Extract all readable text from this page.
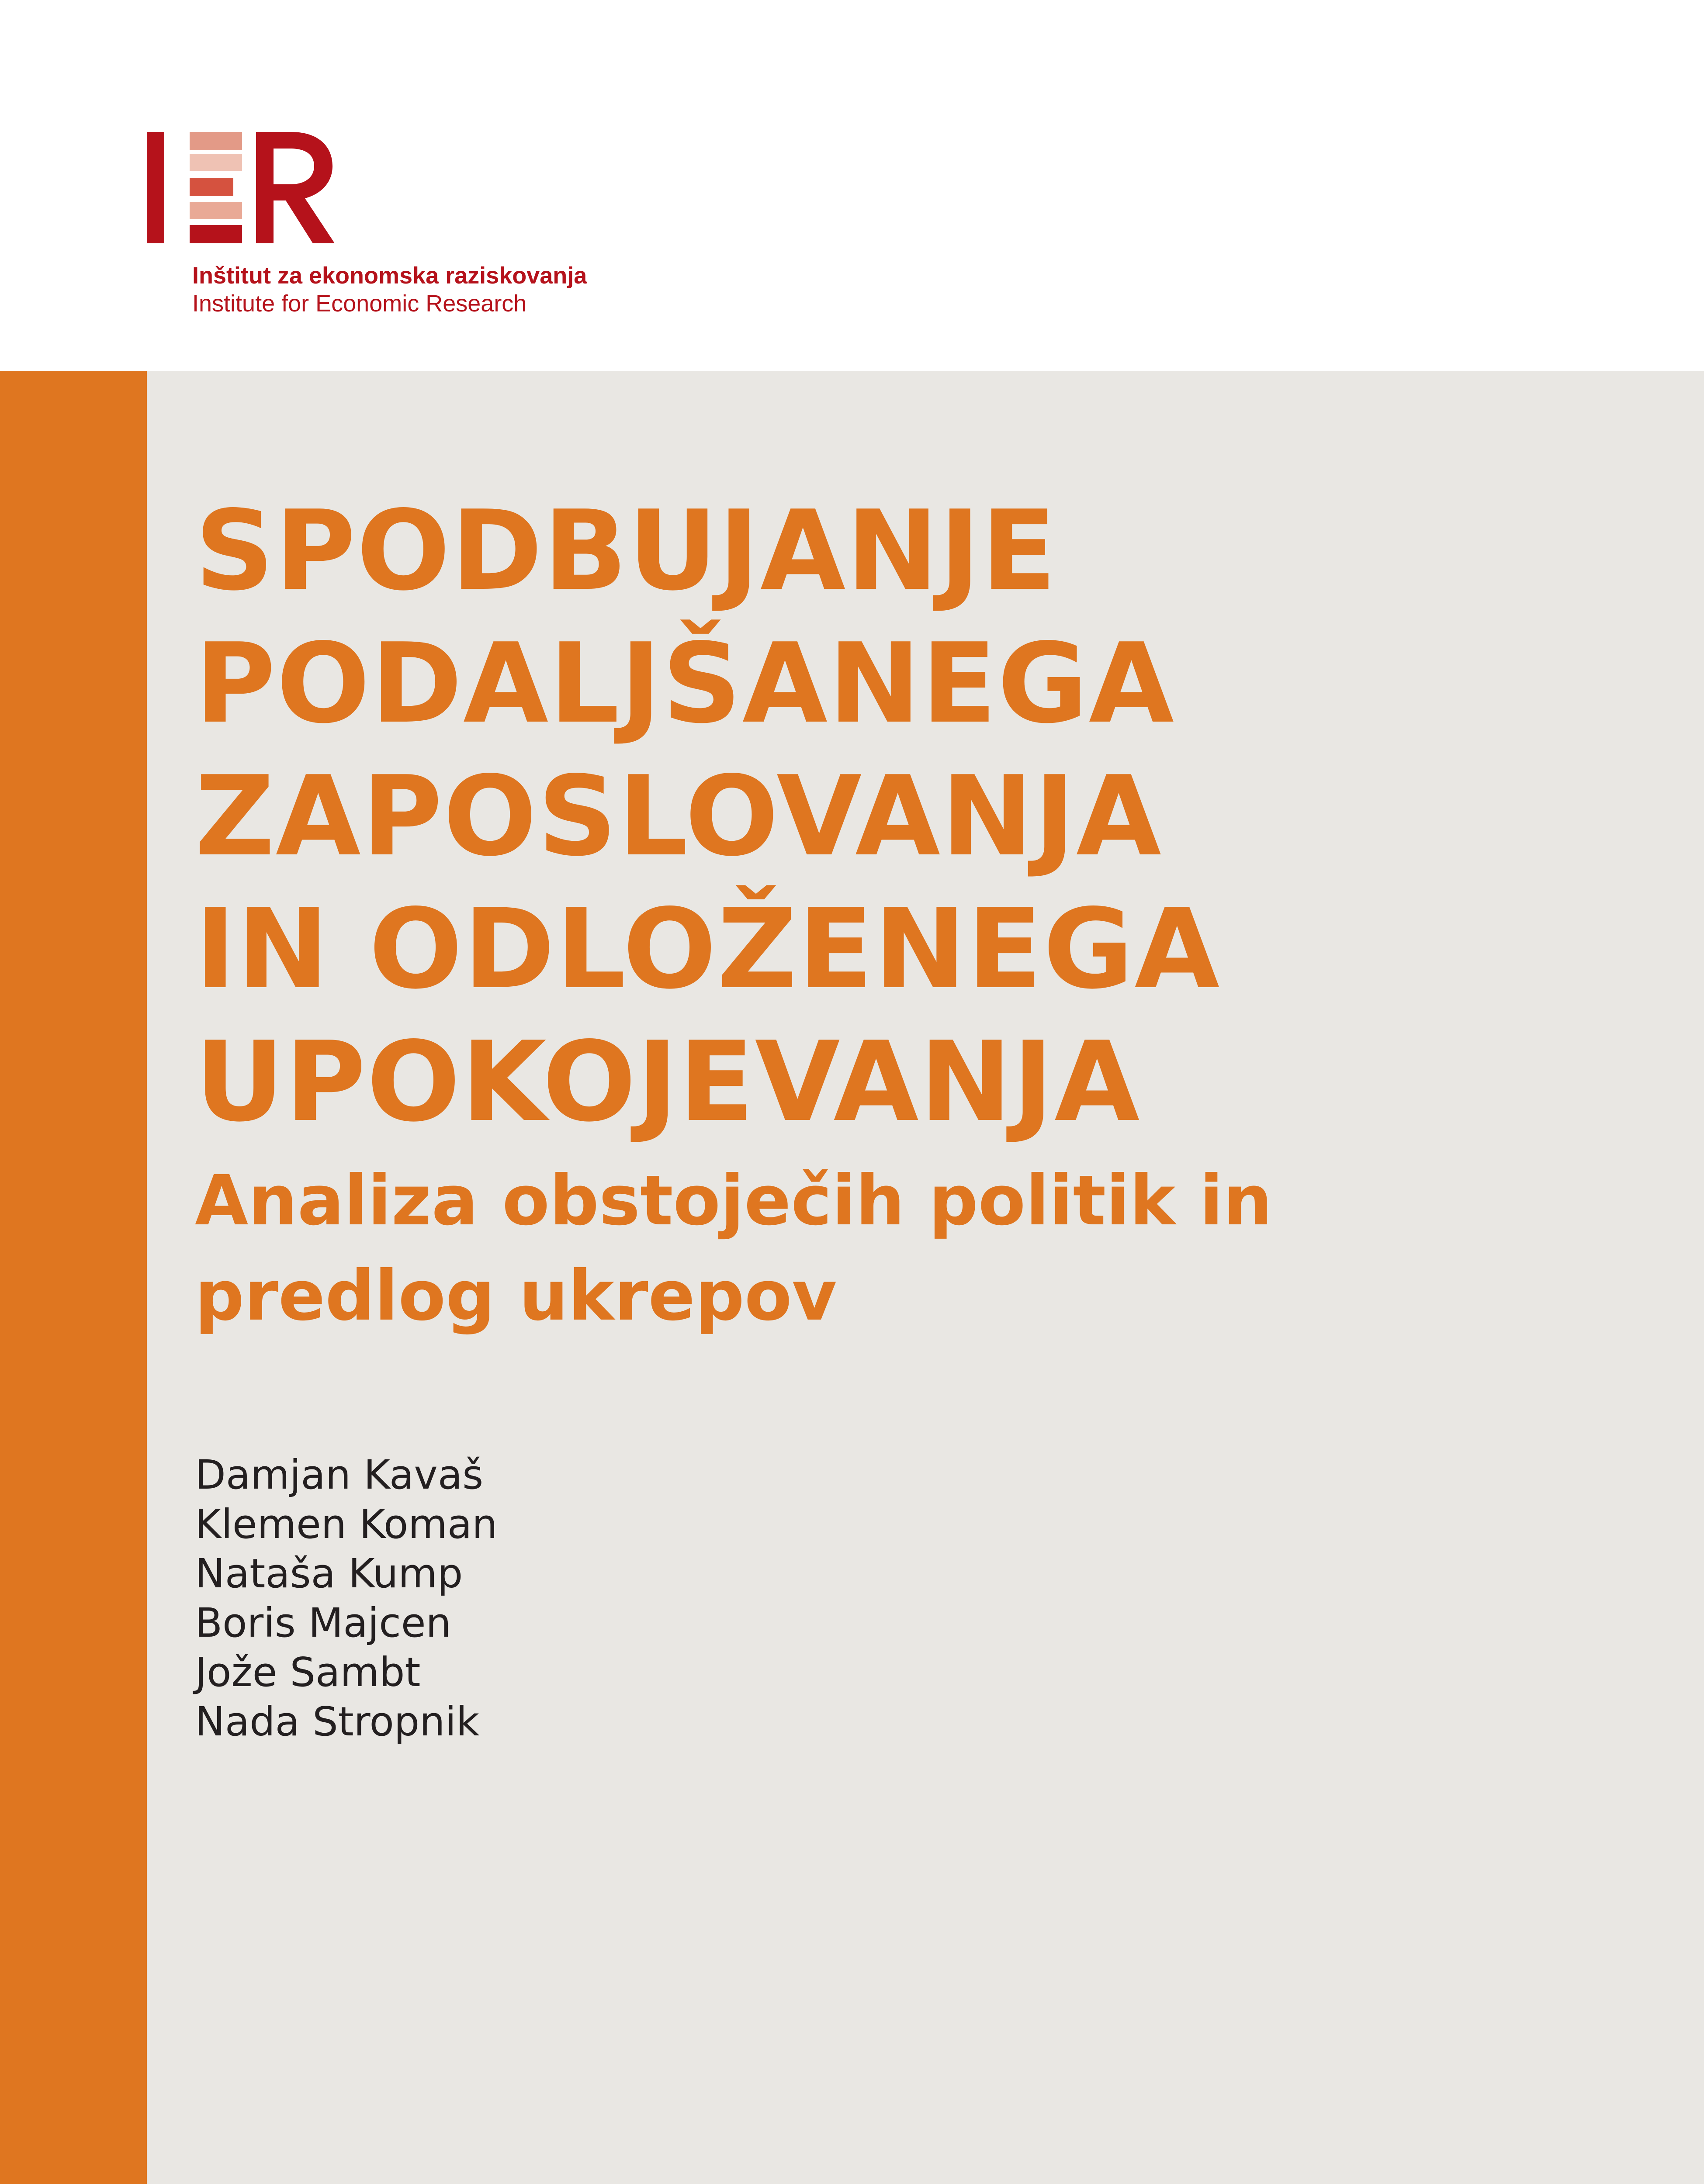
Inštitut za ekonomska raziskovanja
Institute for Economic Research
SPODBUJANJE
PODALJŠANEGA
ZAPOSLOVANJA
IN ODLOŽENEGA
UPOKOJEVANJA
Analiza obstoječih politik in
predlog ukrepov
Damjan Kavaš
Klemen Koman
Nataša Kump
Boris Majcen
Jože Sambt
Nada Stropnik
